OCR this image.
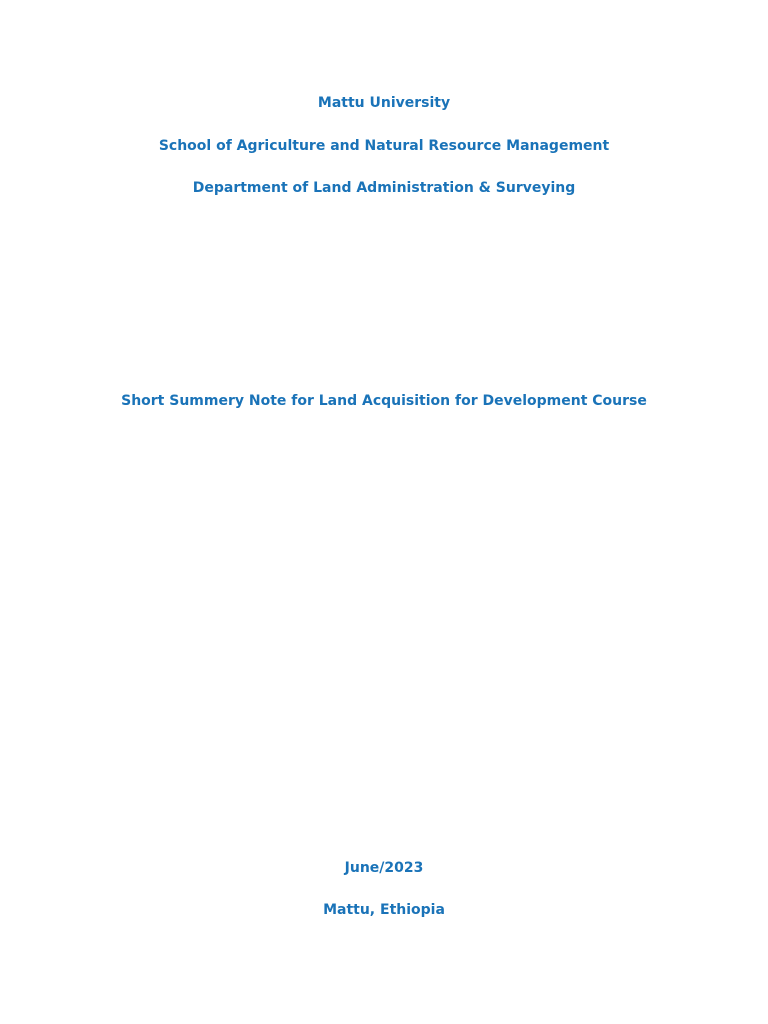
Mattu University
School of Agriculture and Natural Resource Management
Department of Land Administration & Surveying
Short Summery Note for Land Acquisition for Development Course
June/2023
Mattu, Ethiopia
